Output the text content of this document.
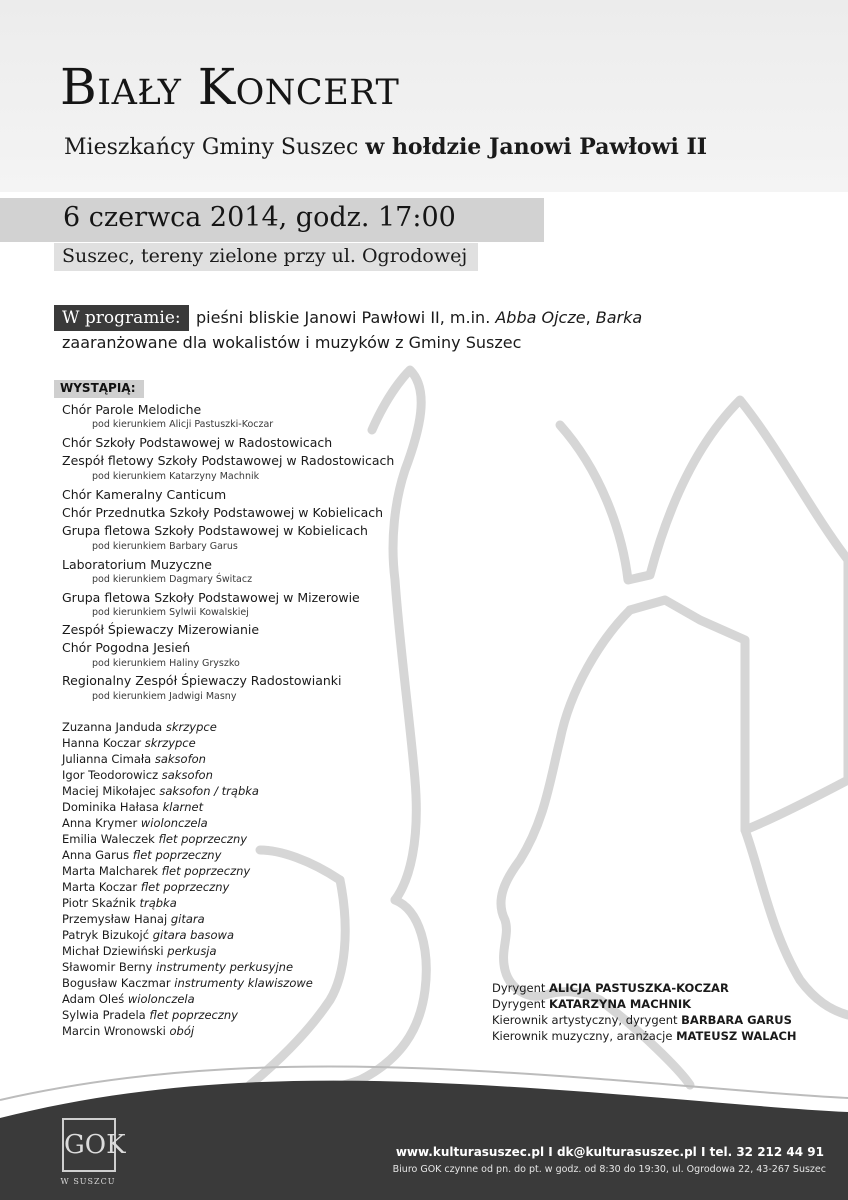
Biały Koncert
Mieszkańcy Gminy Suszec w hołdzie Janowi Pawłowi II
6 czerwca 2014, godz. 17:00
Suszec, tereny zielone przy ul. Ogrodowej
W programie: pieśni bliskie Janowi Pawłowi II, m.in. Abba Ojcze, Barka
zaaranżowane dla wokalistów i muzyków z Gminy Suszec
WYSTĄPIĄ:
Chór Parole Melodiche
pod kierunkiem Alicji Pastuszki-Koczar
Chór Szkoły Podstawowej w Radostowicach
Zespół fletowy Szkoły Podstawowej w Radostowicach
pod kierunkiem Katarzyny Machnik
Chór Kameralny Canticum
Chór Przednutka Szkoły Podstawowej w Kobielicach
Grupa fletowa Szkoły Podstawowej w Kobielicach
pod kierunkiem Barbary Garus
Laboratorium Muzyczne
pod kierunkiem Dagmary Świtacz
Grupa fletowa Szkoły Podstawowej w Mizerowie
pod kierunkiem Sylwii Kowalskiej
Zespół Śpiewaczy Mizerowianie
Chór Pogodna Jesień
pod kierunkiem Haliny Gryszko
Regionalny Zespół Śpiewaczy Radostowianki
pod kierunkiem Jadwigi Masny
Zuzanna Janduda skrzypce
Hanna Koczar skrzypce
Julianna Cimała saksofon
Igor Teodorowicz saksofon
Maciej Mikołajec saksofon / trąbka
Dominika Hałasa klarnet
Anna Krymer wiolonczela
Emilia Waleczek flet poprzeczny
Anna Garus flet poprzeczny
Marta Malcharek flet poprzeczny
Marta Koczar flet poprzeczny
Piotr Skaźnik trąbka
Przemysław Hanaj gitara
Patryk Bizukojć gitara basowa
Michał Dziewiński perkusja
Sławomir Berny instrumenty perkusyjne
Bogusław Kaczmar instrumenty klawiszowe
Adam Oleś wiolonczela
Sylwia Pradela flet poprzeczny
Marcin Wronowski obój
Dyrygent ALICJA PASTUSZKA-KOCZAR
Dyrygent KATARZYNA MACHNIK
Kierownik artystyczny, dyrygent BARBARA GARUS
Kierownik muzyczny, aranżacje MATEUSZ WALACH
GOK
W SUSZCU
www.kulturasuszec.pl I dk@kulturasuszec.pl I tel. 32 212 44 91
Biuro GOK czynne od pn. do pt. w godz. od 8:30 do 19:30, ul. Ogrodowa 22, 43-267 Suszec
